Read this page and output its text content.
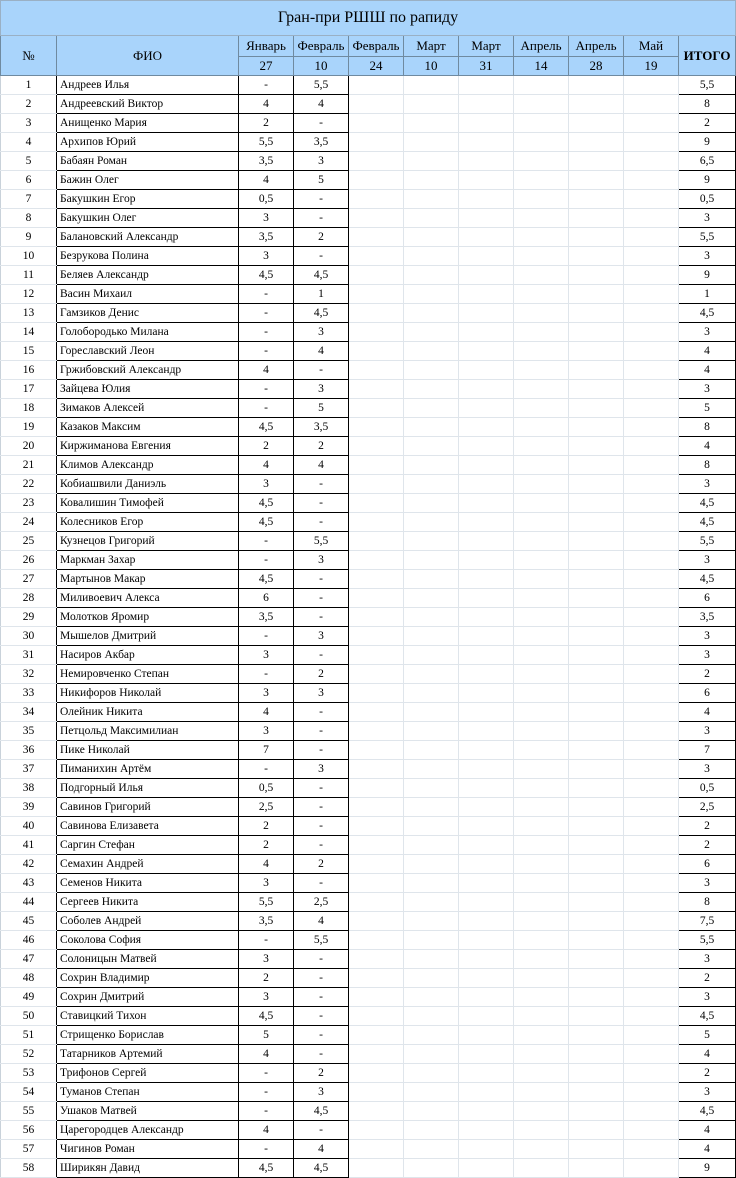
Гран-при РШШ по рапиду										
№	ФИО	Январь	Февраль	Февраль	Март	Март	Апрель	Апрель	Май	ИТОГО
		27	10	24	10	31	14	28	19	
1	Андреев Илья	-	5,5							5,5
2	Андреевский Виктор	4	4							8
3	Анищенко Мария	2	-							2
4	Архипов Юрий	5,5	3,5							9
5	Бабаян Роман	3,5	3							6,5
6	Бажин Олег	4	5							9
7	Бакушкин Егор	0,5	-							0,5
8	Бакушкин Олег	3	-							3
9	Балановский Александр	3,5	2							5,5
10	Безрукова Полина	3	-							3
11	Беляев Александр	4,5	4,5							9
12	Васин Михаил	-	1							1
13	Гамзиков Денис	-	4,5							4,5
14	Голобородько Милана	-	3							3
15	Гореславский Леон	-	4							4
16	Гржибовский Александр	4	-							4
17	Зайцева Юлия	-	3							3
18	Зимаков Алексей	-	5							5
19	Казаков Максим	4,5	3,5							8
20	Киржиманова Евгения	2	2							4
21	Климов Александр	4	4							8
22	Кобиашвили Даниэль	3	-							3
23	Ковалишин Тимофей	4,5	-							4,5
24	Колесников Егор	4,5	-							4,5
25	Кузнецов Григорий	-	5,5							5,5
26	Маркман Захар	-	3							3
27	Мартынов Макар	4,5	-							4,5
28	Миливоевич Алекса	6	-							6
29	Молотков Яромир	3,5	-							3,5
30	Мышелов Дмитрий	-	3							3
31	Насиров Акбар	3	-							3
32	Немировченко Степан	-	2							2
33	Никифоров Николай	3	3							6
34	Олейник Никита	4	-							4
35	Петцольд Максимилиан	3	-							3
36	Пике Николай	7	-							7
37	Пиманихин Артём	-	3							3
38	Подгорный Илья	0,5	-							0,5
39	Савинов Григорий	2,5	-							2,5
40	Савинова Елизавета	2	-							2
41	Саргин Стефан	2	-							2
42	Семахин Андрей	4	2							6
43	Семенов Никита	3	-							3
44	Сергеев Никита	5,5	2,5							8
45	Соболев Андрей	3,5	4							7,5
46	Соколова София	-	5,5							5,5
47	Солоницын Матвей	3	-							3
48	Сохрин Владимир	2	-							2
49	Сохрин Дмитрий	3	-							3
50	Ставицкий Тихон	4,5	-							4,5
51	Стрищенко Борислав	5	-							5
52	Татарников Артемий	4	-							4
53	Трифонов Сергей	-	2							2
54	Туманов Степан	-	3							3
55	Ушаков Матвей	-	4,5							4,5
56	Царегородцев Александр	4	-							4
57	Чигинов Роман	-	4							4
58	Ширикян Давид	4,5	4,5							9
